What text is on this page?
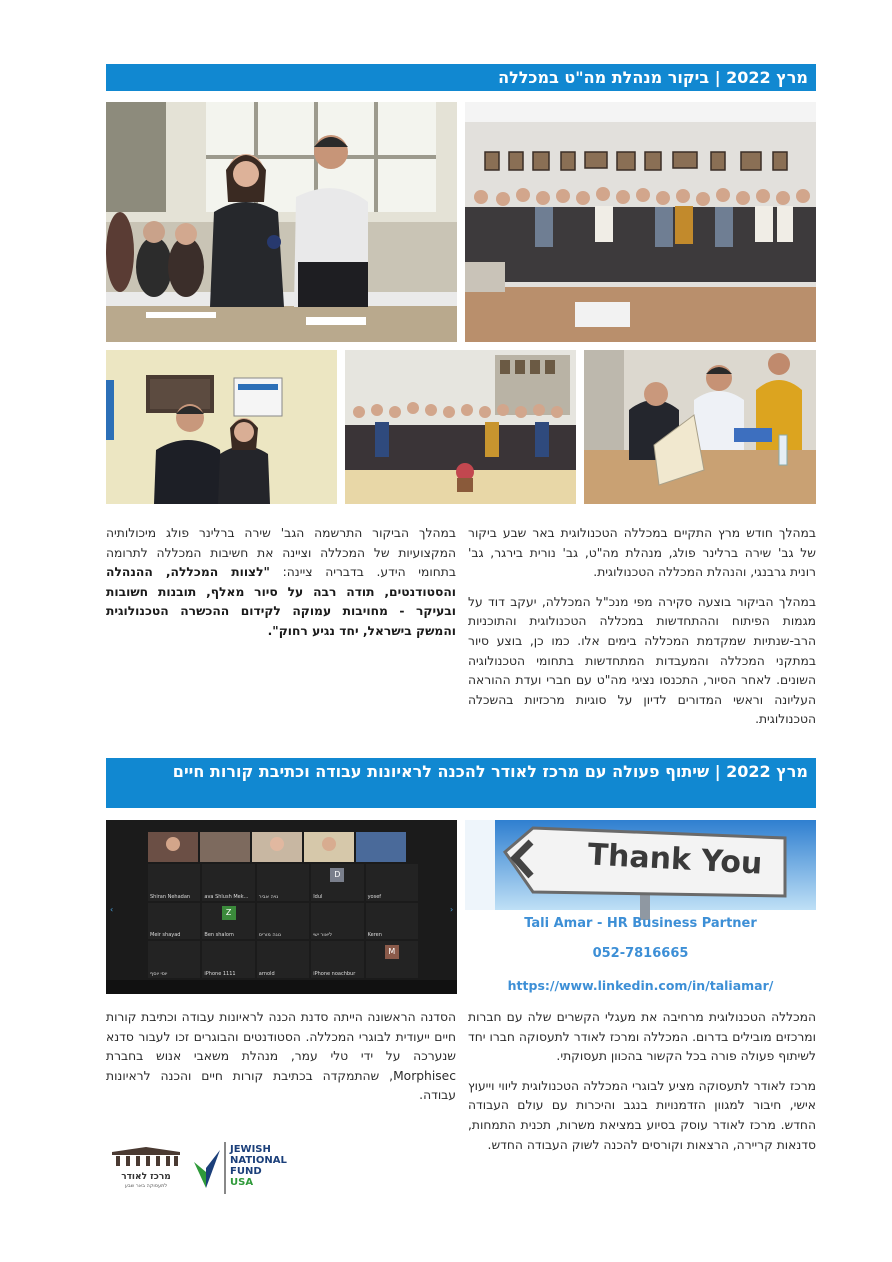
מרץ 2022 | ביקור מנהלת מה"ט במכללה

במהלך חודש מרץ התקיים במכללה הטכנולוגית באר שבע ביקור של גב' שירה ברלינר פולג, מנהלת מה"ט, גב' נורית בירגר, גב' רונית גרבנגי, והנהלת המכללה הטכנולוגית.

במהלך הביקור בוצעה סקירה מפי מנכ"ל המכללה, יעקב דוד על מגמות הפיתוח וההתחדשות במכללה הטכנולוגית והתוכניות הרב-שנתיות שמקדמת המכללה בימים אלו. כמו כן, בוצע סיור במתקני המכללה והמעבדות המתחדשות בתחומי הטכנולוגיה השונים. לאחר הסיור, התכנסו נציגי מה"ט עם חברי ועדת ההוראה העליונה וראשי המדורים לדיון על סוגיות מרכזיות בהשכלה הטכנולוגית.

במהלך הביקור התרשמה הגב' שירה ברלינר פולג מיכולותיה המקצועיות של המכללה וציינה את חשיבות המכללה לתרומה בתחומי הידע. בדבריה ציינה: "לצוות המכללה, ההנהלה והסטודנטים, תודה רבה על סיור מאלף, תובנות חשובות ובעיקר - מחויבות עמוקה לקידום ההכשרה הטכנולוגית והמשק בישראל, יחד נגיע רחוק".

מרץ 2022 | שיתוף פעולה עם מרכז לאודר להכנה לראיונות עבודה וכתיבת קורות חיים
‹	›
Shiran Nehadan	ava Shlush Mek... נויה אביר
D
Idul	yosef
Meir shayad
Z
Ben shalom	נוגה מוריס	ליאור ישי	Keren
יוסי יוסף	iPhone 1111	arnold	iPhone noachbur
M
Thank You
Tali Amar - HR Business Partner
052-7816665
https://www.linkedin.com/in/taliamar/

המכללה הטכנולוגית מרחיבה את מעגלי הקשרים שלה עם חברות ומרכזים מובילים בדרום. המכללה ומרכז לאודר לתעסוקה חברו יחד לשיתוף פעולה פורה בכל הקשור בהכוון תעסוקתי.

מרכז לאודר לתעסוקה מציע לבוגרי המכללה הטכנולוגית ליווי וייעוץ אישי, חיבור למגוון הזדמנויות בנגב והיכרות עם עולם העבודה החדש. מרכז לאודר עוסק בסיוע במציאת משרות, תכנית התמחות, סדנאות קריירה, הרצאות וקורסים להכנה לשוק העבודה החדש.

הסדנה הראשונה הייתה סדנת הכנה לראיונות עבודה וכתיבת קורות חיים ייעודית לבוגרי המכללה. הסטודנטים והבוגרים זכו לעבור סדנא שנערכה על ידי טלי עמר, מנהלת משאבי אנוש בחברת Morphisec, שהתמקדה בכתיבת קורות חיים והכנה לראיונות עבודה.

מרכז לאודר
לתעסוקה באר שבע
JEWISH
NATIONAL
FUND
USA
